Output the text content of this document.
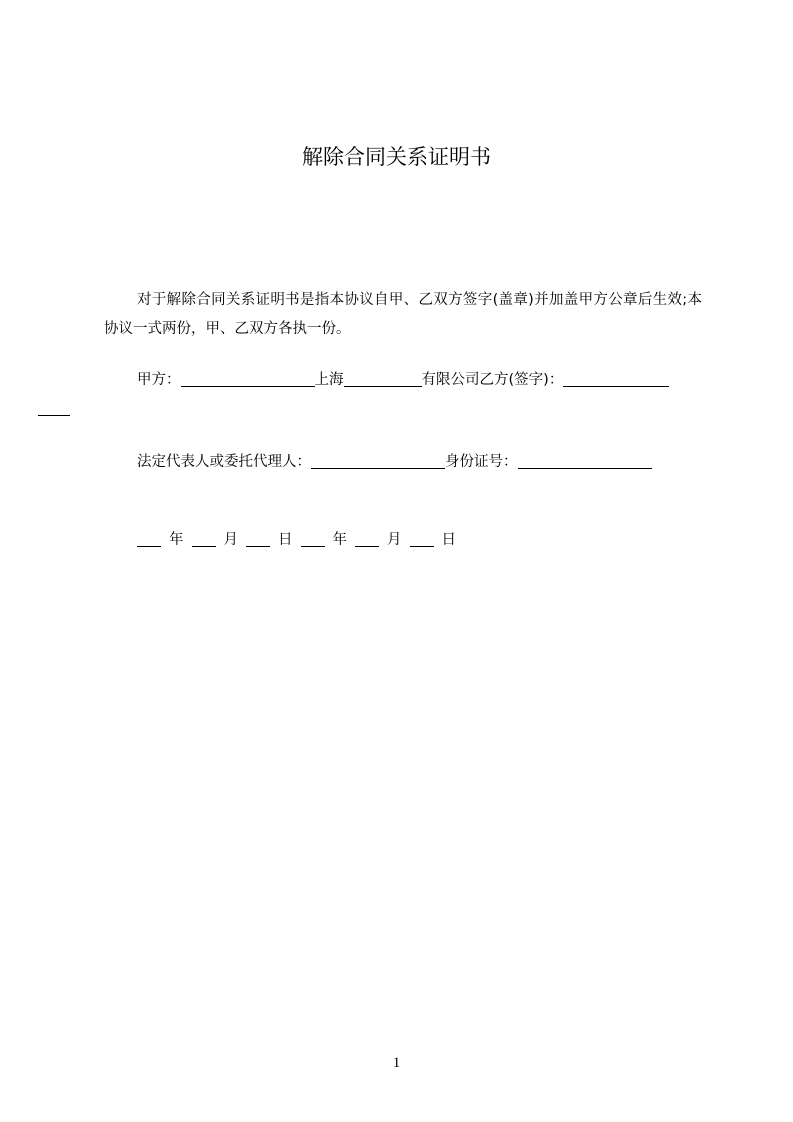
解除合同关系证明书
对于解除合同关系证明书是指本协议自甲、乙双方签字(盖章)并加盖甲方公章后生效;本协议一式两份，甲、乙双方各执一份。
甲方：	上海	有限公司乙方(签字)：

法定代表人或委托代理人：	身份证号：
年	月	日	年	月	日
1
